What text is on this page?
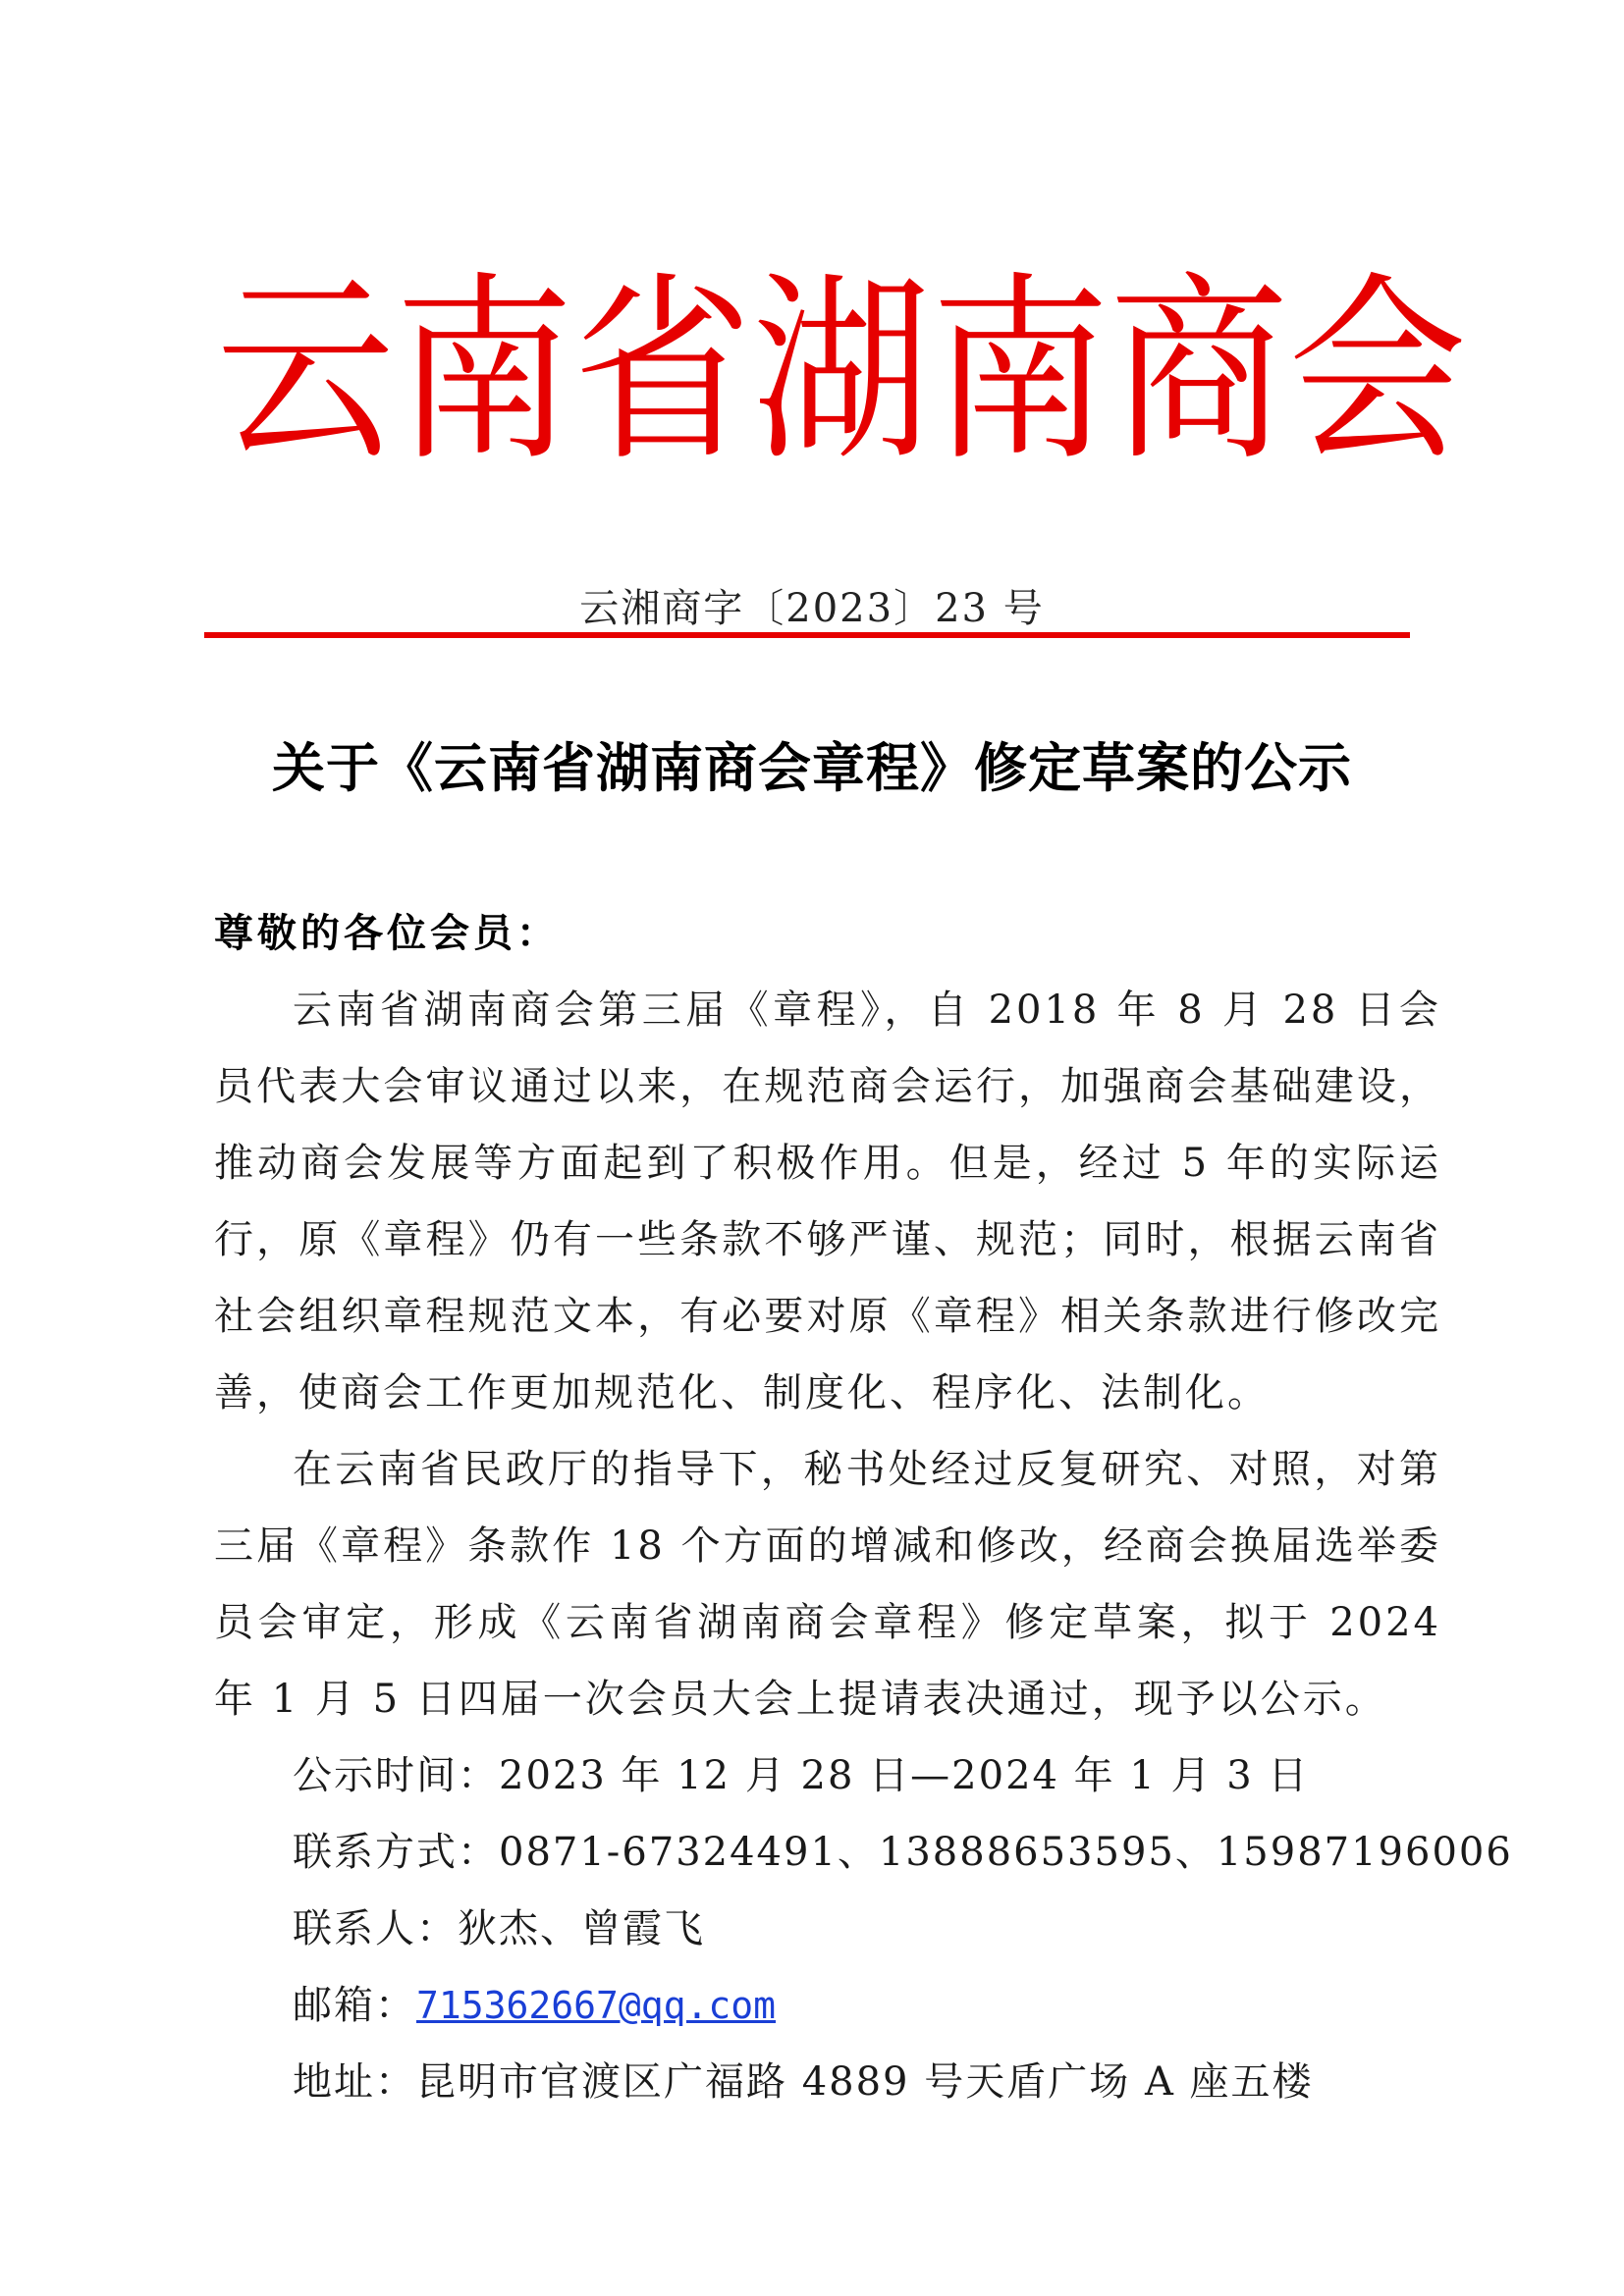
云 南 省 湖 南 商 会
云湘商字〔2023〕23 号
关于《云南省湖南商会章程》修定草案的公示
尊敬的各位会员：
云南省湖南商会第三届《章程》，自 2018 年 8 月 28 日会员代表大会审议通过以来，在规范商会运行，加强商会基础建设，推动商会发展等方面起到了积极作用。但是，经过 5 年的实际运行，原《章程》仍有一些条款不够严谨、规范；同时，根据云南省社会组织章程规范文本，有必要对原《章程》相关条款进行修改完善，使商会工作更加规范化、制度化、程序化、法制化。
在云南省民政厅的指导下，秘书处经过反复研究、对照，对第三届《章程》条款作 18 个方面的增减和修改，经商会换届选举委员会审定，形成《云南省湖南商会章程》修定草案，拟于 2024 年 1 月 5 日四届一次会员大会上提请表决通过，现予以公示。
公示时间：2023 年 12 月 28 日—2024 年 1 月 3 日
联系方式：0871-67324491、13888653595、15987196006
联系人：狄杰、曾霞飞
邮箱：715362667@qq.com
地址：昆明市官渡区广福路 4889 号天盾广场 A 座五楼
